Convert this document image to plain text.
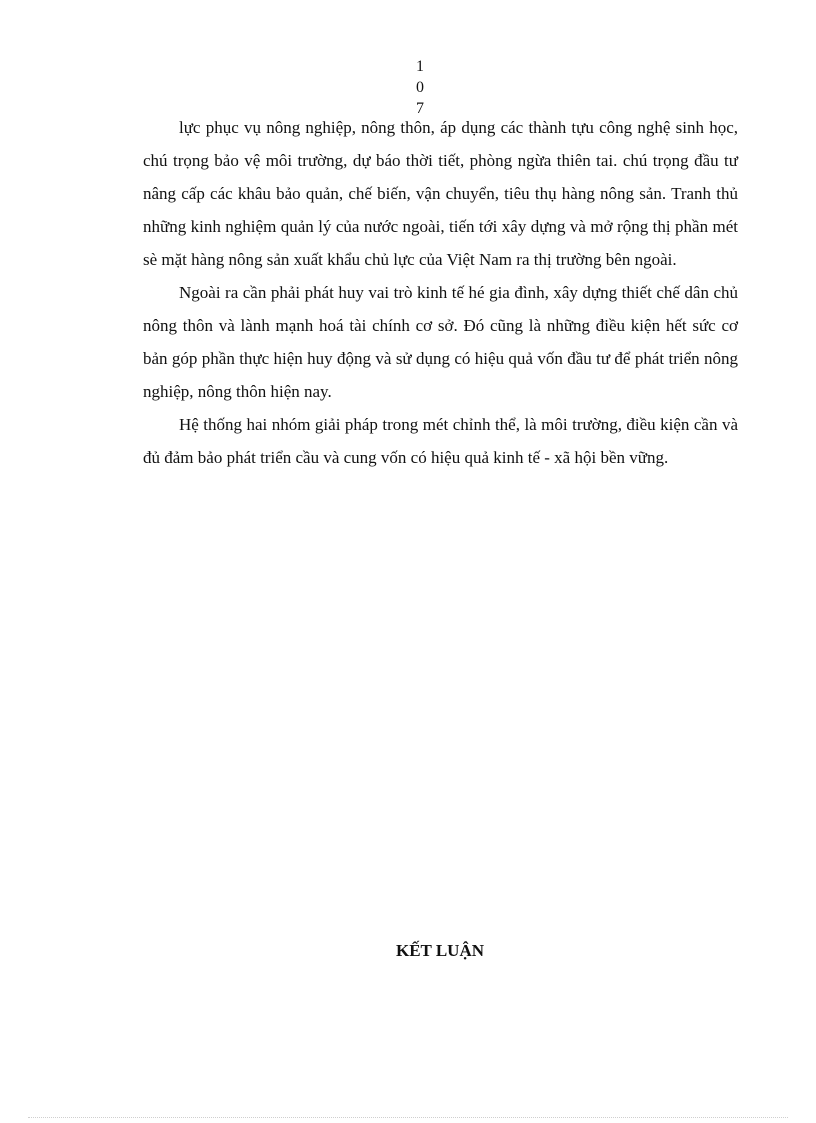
1
0
7

lực phục vụ nông nghiệp, nông thôn, áp dụng các thành tựu công nghệ sinh học, chú trọng bảo vệ môi trường, dự báo thời tiết, phòng ngừa thiên tai. chú trọng đầu tư nâng cấp các khâu bảo quản, chế biến, vận chuyển, tiêu thụ hàng nông sản. Tranh thủ những kinh nghiệm quản lý của nước ngoài, tiến tới xây dựng và mở rộng thị phần mét sè mặt hàng nông sản xuất khẩu chủ lực của Việt Nam ra thị trường bên ngoài.

Ngoài ra cần phải phát huy vai trò kinh tế hé gia đình, xây dựng thiết chế dân chủ nông thôn và lành mạnh hoá tài chính cơ sở. Đó cũng là những điều kiện hết sức cơ bản góp phần thực hiện huy động và sử dụng có hiệu quả vốn đầu tư để phát triển nông nghiệp, nông thôn hiện nay.

Hệ thống hai nhóm giải pháp trong mét chỉnh thể, là môi trường, điều kiện cần và đủ đảm bảo phát triển cầu và cung vốn có hiệu quả kinh tế - xã hội bền vững.

KẾT LUẬN
